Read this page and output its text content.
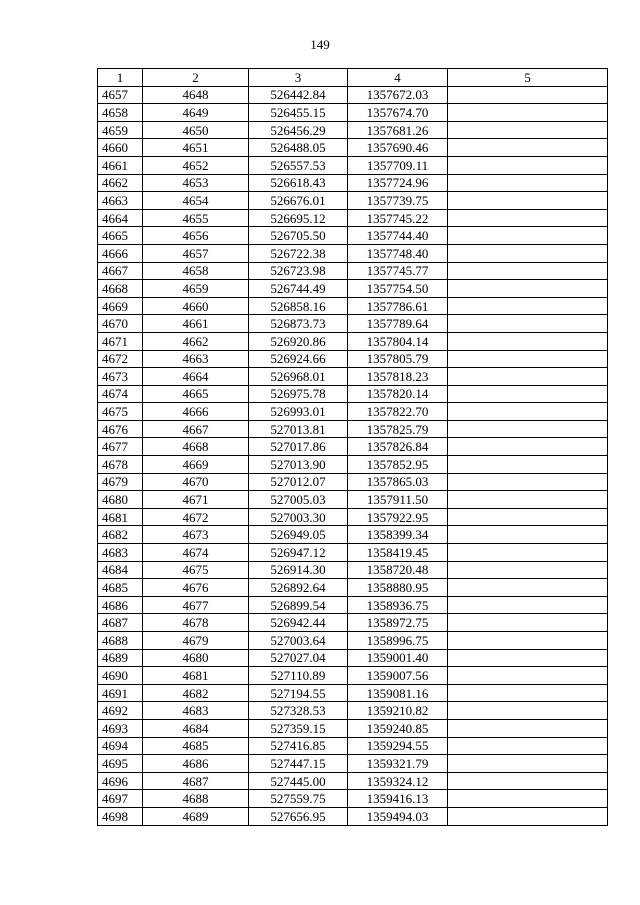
149
1	2	3	4	5
4657	4648	526442.84	1357672.03	
4658	4649	526455.15	1357674.70	
4659	4650	526456.29	1357681.26	
4660	4651	526488.05	1357690.46	
4661	4652	526557.53	1357709.11	
4662	4653	526618.43	1357724.96	
4663	4654	526676.01	1357739.75	
4664	4655	526695.12	1357745.22	
4665	4656	526705.50	1357744.40	
4666	4657	526722.38	1357748.40	
4667	4658	526723.98	1357745.77	
4668	4659	526744.49	1357754.50	
4669	4660	526858.16	1357786.61	
4670	4661	526873.73	1357789.64	
4671	4662	526920.86	1357804.14	
4672	4663	526924.66	1357805.79	
4673	4664	526968.01	1357818.23	
4674	4665	526975.78	1357820.14	
4675	4666	526993.01	1357822.70	
4676	4667	527013.81	1357825.79	
4677	4668	527017.86	1357826.84	
4678	4669	527013.90	1357852.95	
4679	4670	527012.07	1357865.03	
4680	4671	527005.03	1357911.50	
4681	4672	527003.30	1357922.95	
4682	4673	526949.05	1358399.34	
4683	4674	526947.12	1358419.45	
4684	4675	526914.30	1358720.48	
4685	4676	526892.64	1358880.95	
4686	4677	526899.54	1358936.75	
4687	4678	526942.44	1358972.75	
4688	4679	527003.64	1358996.75	
4689	4680	527027.04	1359001.40	
4690	4681	527110.89	1359007.56	
4691	4682	527194.55	1359081.16	
4692	4683	527328.53	1359210.82	
4693	4684	527359.15	1359240.85	
4694	4685	527416.85	1359294.55	
4695	4686	527447.15	1359321.79	
4696	4687	527445.00	1359324.12	
4697	4688	527559.75	1359416.13	
4698	4689	527656.95	1359494.03	
